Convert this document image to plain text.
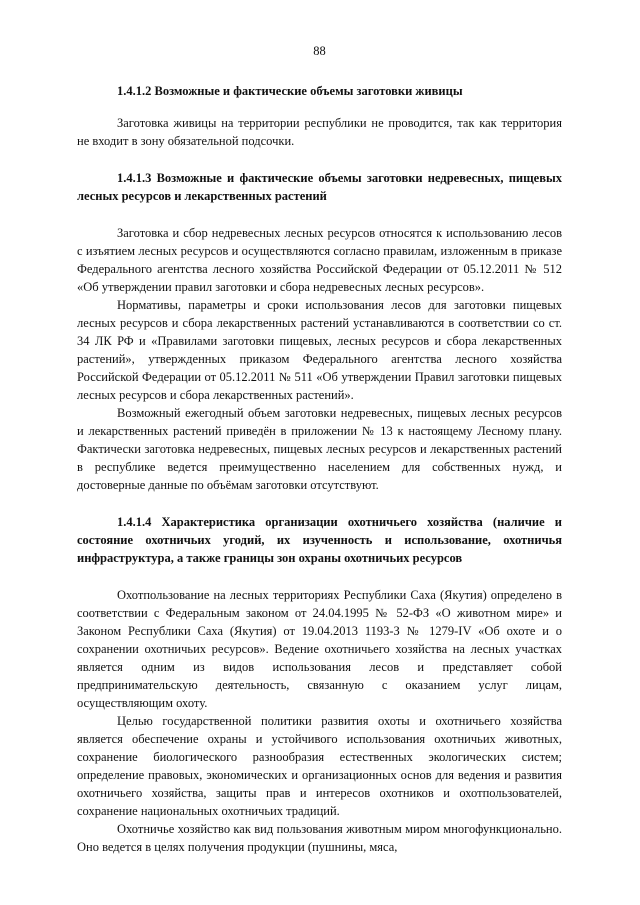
88

1.4.1.2 Возможные и фактические объемы заготовки живицы

Заготовка живицы на территории республики не проводится, так как территория не входит в зону обязательной подсочки.

1.4.1.3 Возможные и фактические объемы заготовки недревесных, пищевых лесных ресурсов и лекарственных растений

Заготовка и сбор недревесных лесных ресурсов относятся к использованию лесов с изъятием лесных ресурсов и осуществляются согласно правилам, изложенным в приказе Федерального агентства лесного хозяйства Российской Федерации от 05.12.2011 № 512 «Об утверждении правил заготовки и сбора недревесных лесных ресурсов».

Нормативы, параметры и сроки использования лесов для заготовки пищевых лесных ресурсов и сбора лекарственных растений устанавливаются в соответствии со ст. 34 ЛК РФ и «Правилами заготовки пищевых, лесных ресурсов и сбора лекарственных растений», утвержденных приказом Федерального агентства лесного хозяйства Российской Федерации от 05.12.2011 № 511 «Об утверждении Правил заготовки пищевых лесных ресурсов и сбора лекарственных растений».

Возможный ежегодный объем заготовки недревесных, пищевых лесных ресурсов и лекарственных растений приведён в приложении № 13 к настоящему Лесному плану. Фактически заготовка недревесных, пищевых лесных ресурсов и лекарственных растений в республике ведется преимущественно населением для собственных нужд, и достоверные данные по объёмам заготовки отсутствуют.

1.4.1.4 Характеристика организации охотничьего хозяйства (наличие и состояние охотничьих угодий, их изученность и использование, охотничья инфраструктура, а также границы зон охраны охотничьих ресурсов

Охотпользование на лесных территориях Республики Саха (Якутия) определено в соответствии с Федеральным законом от 24.04.1995 № 52-ФЗ «О животном мире» и Законом Республики Саха (Якутия) от 19.04.2013 1193-З № 1279-IV «Об охоте и о сохранении охотничьих ресурсов». Ведение охотничьего хозяйства на лесных участках является одним из видов использования лесов и представляет собой предпринимательскую деятельность, связанную с оказанием услуг лицам, осуществляющим охоту.

Целью государственной политики развития охоты и охотничьего хозяйства является обеспечение охраны и устойчивого использования охотничьих животных, сохранение биологического разнообразия естественных экологических систем; определение правовых, экономических и организационных основ для ведения и развития охотничьего хозяйства, защиты прав и интересов охотников и охотпользователей, сохранение национальных охотничьих традиций.

Охотничье хозяйство как вид пользования животным миром многофункционально. Оно ведется в целях получения продукции (пушнины, мяса,
